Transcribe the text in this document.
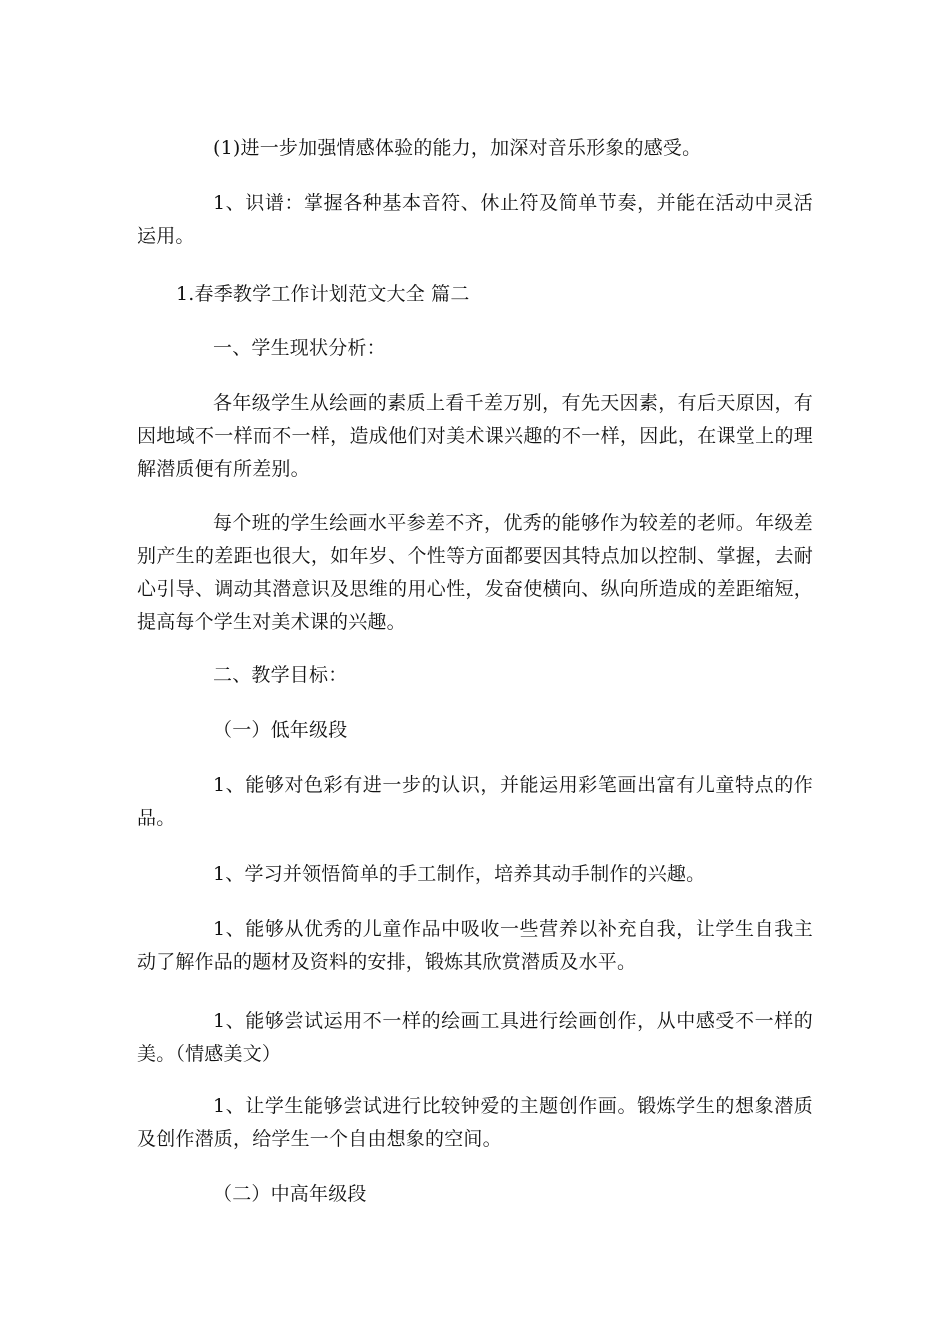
(1)进一步加强情感体验的能力，加深对音乐形象的感受。
1、识谱：掌握各种基本音符、休止符及简单节奏，并能在活动中灵活运用。
1.春季教学工作计划范文大全 篇二
一、学生现状分析：
各年级学生从绘画的素质上看千差万别，有先天因素，有后天原因，有因地域不一样而不一样，造成他们对美术课兴趣的不一样，因此，在课堂上的理解潜质便有所差别。
每个班的学生绘画水平参差不齐，优秀的能够作为较差的老师。年级差别产生的差距也很大，如年岁、个性等方面都要因其特点加以控制、掌握，去耐心引导、调动其潜意识及思维的用心性，发奋使横向、纵向所造成的差距缩短，提高每个学生对美术课的兴趣。
二、教学目标：
（一）低年级段
1、能够对色彩有进一步的认识，并能运用彩笔画出富有儿童特点的作品。
1、学习并领悟简单的手工制作，培养其动手制作的兴趣。
1、能够从优秀的儿童作品中吸收一些营养以补充自我，让学生自我主动了解作品的题材及资料的安排，锻炼其欣赏潜质及水平。
1、能够尝试运用不一样的绘画工具进行绘画创作，从中感受不一样的美。（情感美文）
1、让学生能够尝试进行比较钟爱的主题创作画。锻炼学生的想象潜质及创作潜质，给学生一个自由想象的空间。
（二）中高年级段
